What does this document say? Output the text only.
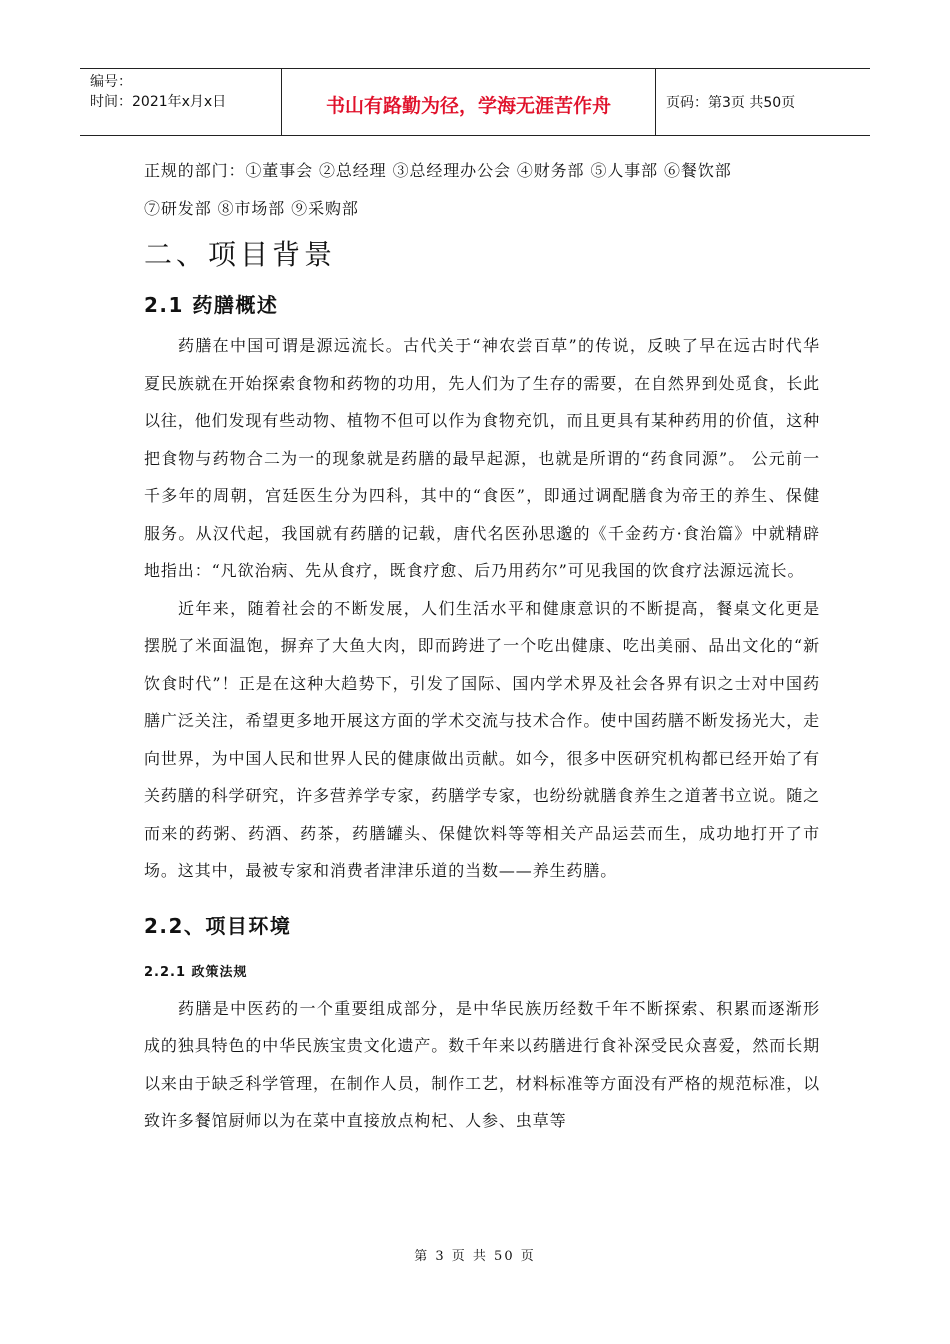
编号：
时间：2021年x月x日	书山有路勤为径，学海无涯苦作舟	页码：第3页 共50页

正规的部门：①董事会 ②总经理 ③总经理办公会 ④财务部 ⑤人事部 ⑥餐饮部

⑦研发部 ⑧市场部 ⑨采购部

二、项目背景
2.1 药膳概述

药膳在中国可谓是源远流长。古代关于“神农尝百草”的传说，反映了早在远古时代华夏民族就在开始探索食物和药物的功用，先人们为了生存的需要，在自然界到处觅食，长此以往，他们发现有些动物、植物不但可以作为食物充饥，而且更具有某种药用的价值，这种把食物与药物合二为一的现象就是药膳的最早起源，也就是所谓的“药食同源”。 公元前一千多年的周朝，宫廷医生分为四科，其中的“食医”，即通过调配膳食为帝王的养生、保健服务。从汉代起，我国就有药膳的记载，唐代名医孙思邈的《千金药方·食治篇》中就精辟地指出：“凡欲治病、先从食疗，既食疗愈、后乃用药尔”可见我国的饮食疗法源远流长。

近年来，随着社会的不断发展，人们生活水平和健康意识的不断提高，餐桌文化更是摆脱了米面温饱，摒弃了大鱼大肉，即而跨进了一个吃出健康、吃出美丽、品出文化的“新饮食时代”！正是在这种大趋势下，引发了国际、国内学术界及社会各界有识之士对中国药膳广泛关注，希望更多地开展这方面的学术交流与技术合作。使中国药膳不断发扬光大，走向世界，为中国人民和世界人民的健康做出贡献。如今，很多中医研究机构都已经开始了有关药膳的科学研究，许多营养学专家，药膳学专家，也纷纷就膳食养生之道著书立说。随之而来的药粥、药酒、药茶，药膳罐头、保健饮料等等相关产品运芸而生，成功地打开了市场。这其中，最被专家和消费者津津乐道的当数——养生药膳。

2.2、项目环境
2.2.1 政策法规

药膳是中医药的一个重要组成部分，是中华民族历经数千年不断探索、积累而逐渐形成的独具特色的中华民族宝贵文化遗产。数千年来以药膳进行食补深受民众喜爱，然而长期以来由于缺乏科学管理，在制作人员，制作工艺，材料标准等方面没有严格的规范标准，以致许多餐馆厨师以为在菜中直接放点枸杞、人参、虫草等

第 3 页 共 50 页
